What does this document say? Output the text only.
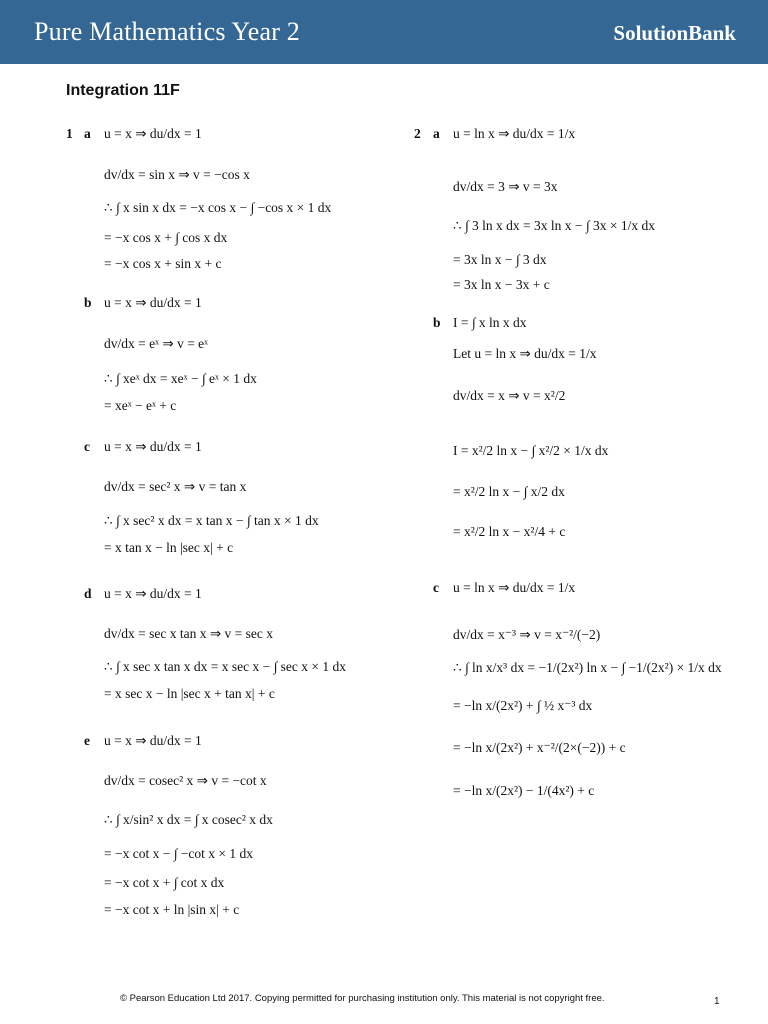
Pure Mathematics Year 2	SolutionBank
Integration 11F
1 a u = x ⇒ du/dx = 1
dv/dx = sin x ⇒ v = −cos x
∴ ∫ x sin x dx = −x cos x − ∫ −cos x × 1 dx
= −x cos x + ∫ cos x dx
= −x cos x + sin x + c
b u = x ⇒ du/dx = 1
dv/dx = eˣ ⇒ v = eˣ
∴ ∫ xeˣ dx = xeˣ − ∫ eˣ × 1 dx
= xeˣ − eˣ + c
c u = x ⇒ du/dx = 1
dv/dx = sec² x ⇒ v = tan x
∴ ∫ x sec² x dx = x tan x − ∫ tan x × 1 dx
= x tan x − ln |sec x| + c
d u = x ⇒ du/dx = 1
dv/dx = sec x tan x ⇒ v = sec x
∴ ∫ x sec x tan x dx = x sec x − ∫ sec x × 1 dx
= x sec x − ln |sec x + tan x| + c
e u = x ⇒ du/dx = 1
dv/dx = cosec² x ⇒ v = −cot x
∴ ∫ x/sin² x dx = ∫ x cosec² x dx
= −x cot x − ∫ −cot x × 1 dx
= −x cot x + ∫ cot x dx
= −x cot x + ln |sin x| + c
2 a u = ln x ⇒ du/dx = 1/x
dv/dx = 3 ⇒ v = 3x
∴ ∫ 3 ln x dx = 3x ln x − ∫ 3x × 1/x dx
= 3x ln x − ∫ 3 dx
= 3x ln x − 3x + c
b I = ∫ x ln x dx
Let u = ln x ⇒ du/dx = 1/x
dv/dx = x ⇒ v = x²/2
I = x²/2 ln x − ∫ x²/2 × 1/x dx
= x²/2 ln x − ∫ x/2 dx
= x²/2 ln x − x²/4 + c
c u = ln x ⇒ du/dx = 1/x
dv/dx = x⁻³ ⇒ v = x⁻²/(−2)
∴ ∫ ln x/x³ dx = −1/(2x²) ln x − ∫ −1/(2x²) × 1/x dx
= −ln x/(2x²) + ∫ ½ x⁻³ dx
= −ln x/(2x²) + x⁻²/(2×(−2)) + c
= −ln x/(2x²) − 1/(4x²) + c
© Pearson Education Ltd 2017. Copying permitted for purchasing institution only. This material is not copyright free.	1
